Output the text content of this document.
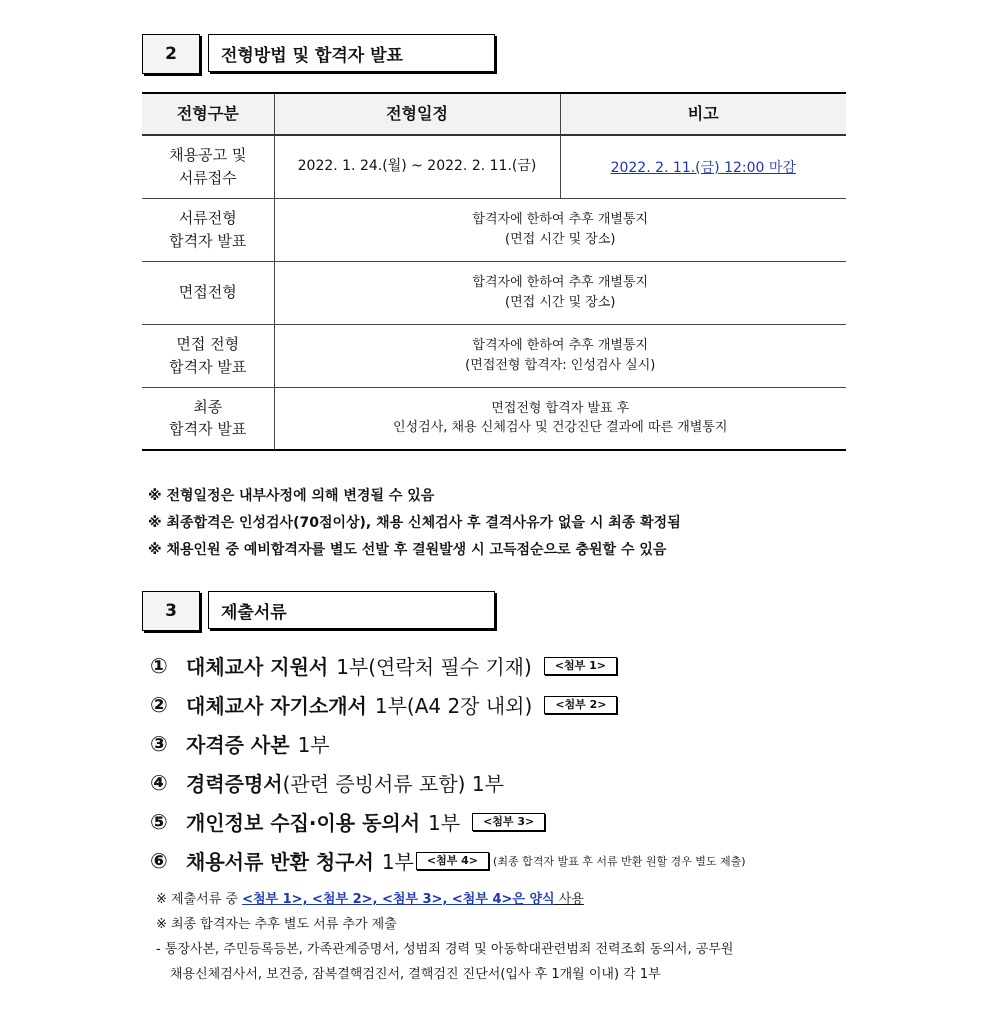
2	전형방법 및 합격자 발표
전형구분	전형일정	비고
채용공고 및
서류접수	2022. 1. 24.(월) ~ 2022. 2. 11.(금)	2022. 2. 11.(금) 12:00 마감
서류전형
합격자 발표	합격자에 한하여 추후 개별통지
(면접 시간 및 장소)	
면접전형	합격자에 한하여 추후 개별통지
(면접 시간 및 장소)	
면접 전형
합격자 발표	합격자에 한하여 추후 개별통지
(면접전형 합격자: 인성검사 실시)	
최종
합격자 발표	면접전형 합격자 발표 후
인성검사, 채용 신체검사 및 건강진단 결과에 따른 개별통지	
※ 전형일정은 내부사정에 의해 변경될 수 있음
※ 최종합격은 인성검사(70점이상), 채용 신체검사 후 결격사유가 없을 시 최종 확정됨
※ 채용인원 중 예비합격자를 별도 선발 후 결원발생 시 고득점순으로 충원할 수 있음
3	제출서류
① 대체교사 지원서 1부(연락처 필수 기재)	<첨부 1>
② 대체교사 자기소개서 1부(A4 2장 내외)	<첨부 2>
③ 자격증 사본 1부
④ 경력증명서 (관련 증빙서류 포함) 1부
⑤ 개인정보 수집·이용 동의서 1부	<첨부 3>
⑥ 채용서류 반환 청구서 1부	<첨부 4>	(최종 합격자 발표 후 서류 반환 원할 경우 별도 제출)
※ 제출서류 중 <첨부 1>, <첨부 2>, <첨부 3>, <첨부 4>은 양식 사용
※ 최종 합격자는 추후 별도 서류 추가 제출
- 통장사본, 주민등록등본, 가족관계증명서, 성범죄 경력 및 아동학대관련범죄 전력조회 동의서, 공무원
채용신체검사서, 보건증, 잠복결핵검진서, 결핵검진 진단서(입사 후 1개월 이내) 각 1부
